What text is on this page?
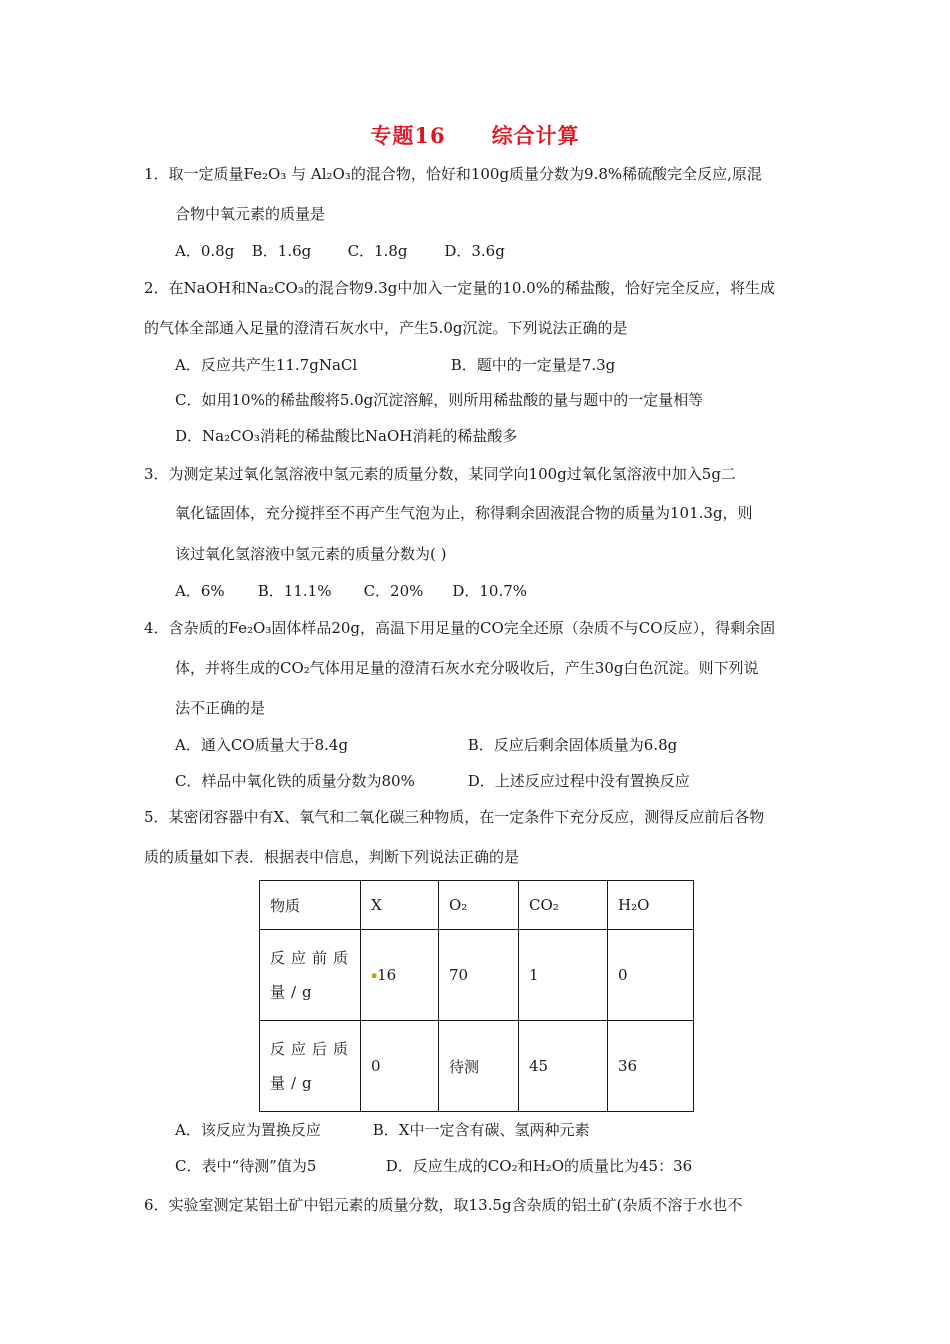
专题16 综合计算
1．取一定质量Fe₂O₃ 与 Al₂O₃的混合物，恰好和100g质量分数为9.8%稀硫酸完全反应,原混
合物中氧元素的质量是
A．0.8g B．1.6g C．1.8g D．3.6g
2．在NaOH和Na₂CO₃的混合物9.3g中加入一定量的10.0%的稀盐酸，恰好完全反应，将生成
的气体全部通入足量的澄清石灰水中，产生5.0g沉淀。下列说法正确的是
A．反应共产生11.7gNaCl	B．题中的一定量是7.3g
C．如用10%的稀盐酸将5.0g沉淀溶解，则所用稀盐酸的量与题中的一定量相等
D．Na₂CO₃消耗的稀盐酸比NaOH消耗的稀盐酸多
3．为测定某过氧化氢溶液中氢元素的质量分数，某同学向100g过氧化氢溶液中加入5g二
氧化锰固体，充分搅拌至不再产生气泡为止，称得剩余固液混合物的质量为101.3g，则
该过氧化氢溶液中氢元素的质量分数为( )
A．6% B．11.1% C．20% D．10.7%
4．含杂质的Fe₂O₃固体样品20g，高温下用足量的CO完全还原（杂质不与CO反应），得剩余固
体，并将生成的CO₂气体用足量的澄清石灰水充分吸收后，产生30g白色沉淀。则下列说
法不正确的是
A．通入CO质量大于8.4g	B．反应后剩余固体质量为6.8g
C．样品中氧化铁的质量分数为80%	D．上述反应过程中没有置换反应
5．某密闭容器中有X、氧气和二氧化碳三种物质，在一定条件下充分反应，测得反应前后各物
质的质量如下表．根据表中信息，判断下列说法正确的是
物质	X	O₂	CO₂	H₂O
反应前质量/g	▪16	70	1	0
反应后质量/g	0	待测	45	36
A．该反应为置换反应	B．X中一定含有碳、氢两种元素
C．表中“待测”值为5	D．反应生成的CO₂和H₂O的质量比为45：36
6．实验室测定某铝土矿中铝元素的质量分数，取13.5g含杂质的铝土矿(杂质不溶于水也不
